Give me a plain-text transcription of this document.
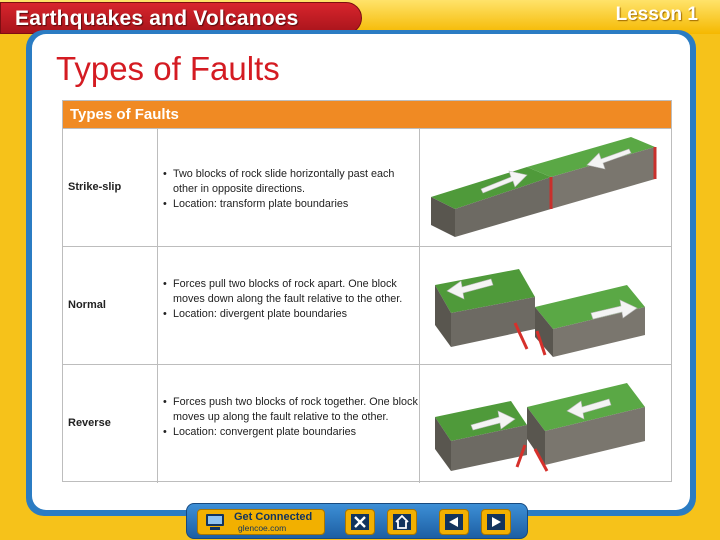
Earthquakes and Volcanoes	Lesson 1
Types of Faults
Types of Faults
Strike-slip
• Two blocks of rock slide horizontally past each other in opposite directions.
• Location: transform plate boundaries
Normal
• Forces pull two blocks of rock apart. One block moves down along the fault relative to the other.
• Location: divergent plate boundaries
Reverse
• Forces push two blocks of rock together. One block moves up along the fault relative to the other.
• Location: convergent plate boundaries
Get Connected
glencoe.com
